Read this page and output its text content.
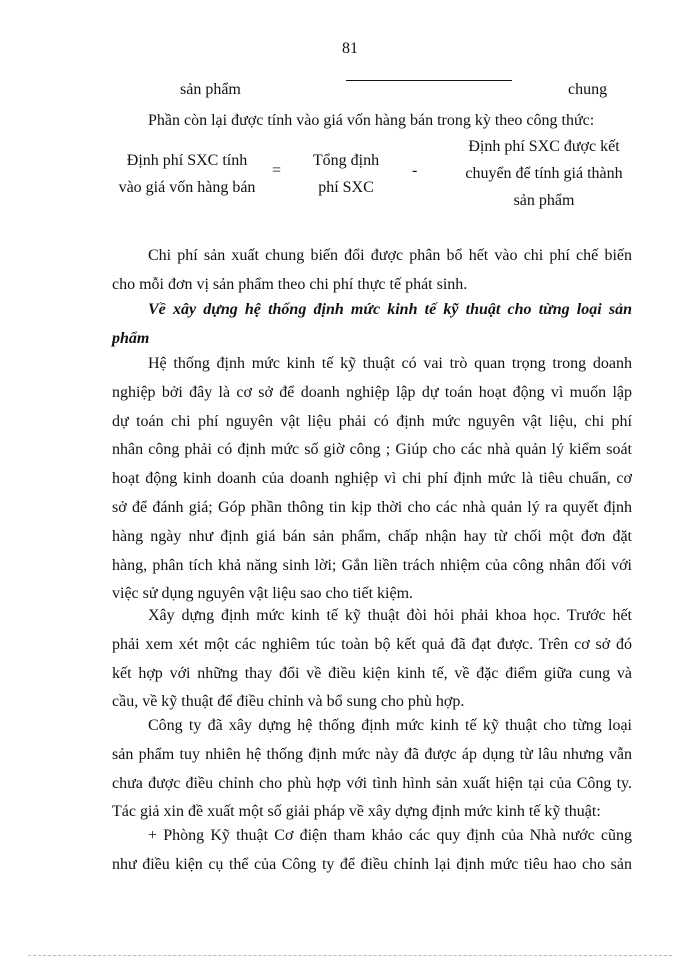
81
sản phẩm	chung
Phần còn lại được tính vào giá vốn hàng bán trong kỳ theo công thức:
Định phí SXC tính
vào giá vốn hàng bán
=
Tổng định
phí SXC
-
Định phí SXC được kết
chuyển để tính giá thành
sản phẩm
Chi phí sản xuất chung biến đổi được phân bổ hết vào chi phí chế biến
cho mỗi đơn vị sản phẩm theo chi phí thực tế phát sinh.
Về xây dựng hệ thống định mức kinh tế kỹ thuật cho từng loại sản
phẩm
Hệ thống định mức kinh tế kỹ thuật có vai trò quan trọng trong doanh
nghiệp bởi đây là cơ sở để doanh nghiệp lập dự toán hoạt động vì muốn lập
dự toán chi phí nguyên vật liệu phải có định mức nguyên vật liệu, chi phí
nhân công phải có định mức số giờ công ; Giúp cho các nhà quản lý kiểm soát
hoạt động kinh doanh của doanh nghiệp vì chi phí định mức là tiêu chuẩn, cơ
sở để đánh giá; Góp phần thông tin kịp thời cho các nhà quản lý ra quyết định
hàng ngày như định giá bán sản phẩm, chấp nhận hay từ chối một đơn đặt
hàng, phân tích khả năng sinh lời; Gắn liền trách nhiệm của công nhân đối với
việc sử dụng nguyên vật liệu sao cho tiết kiệm.
Xây dựng định mức kinh tế kỹ thuật đòi hỏi phải khoa học. Trước hết
phải xem xét một các nghiêm túc toàn bộ kết quả đã đạt được. Trên cơ sở đó
kết hợp với những thay đổi về điều kiện kinh tế, về đặc điểm giữa cung và
cầu, về kỹ thuật để điều chỉnh và bổ sung cho phù hợp.
Công ty đã xây dựng hệ thống định mức kinh tế kỹ thuật cho từng loại
sản phẩm tuy nhiên hệ thống định mức này đã được áp dụng từ lâu nhưng vẫn
chưa được điều chỉnh cho phù hợp với tình hình sản xuất hiện tại của Công ty.
Tác giả xin đề xuất một số giải pháp về xây dựng định mức kinh tế kỹ thuật:
+ Phòng Kỹ thuật Cơ điện tham khảo các quy định của Nhà nước cũng
như điều kiện cụ thể của Công ty để điều chỉnh lại định mức tiêu hao cho sản
